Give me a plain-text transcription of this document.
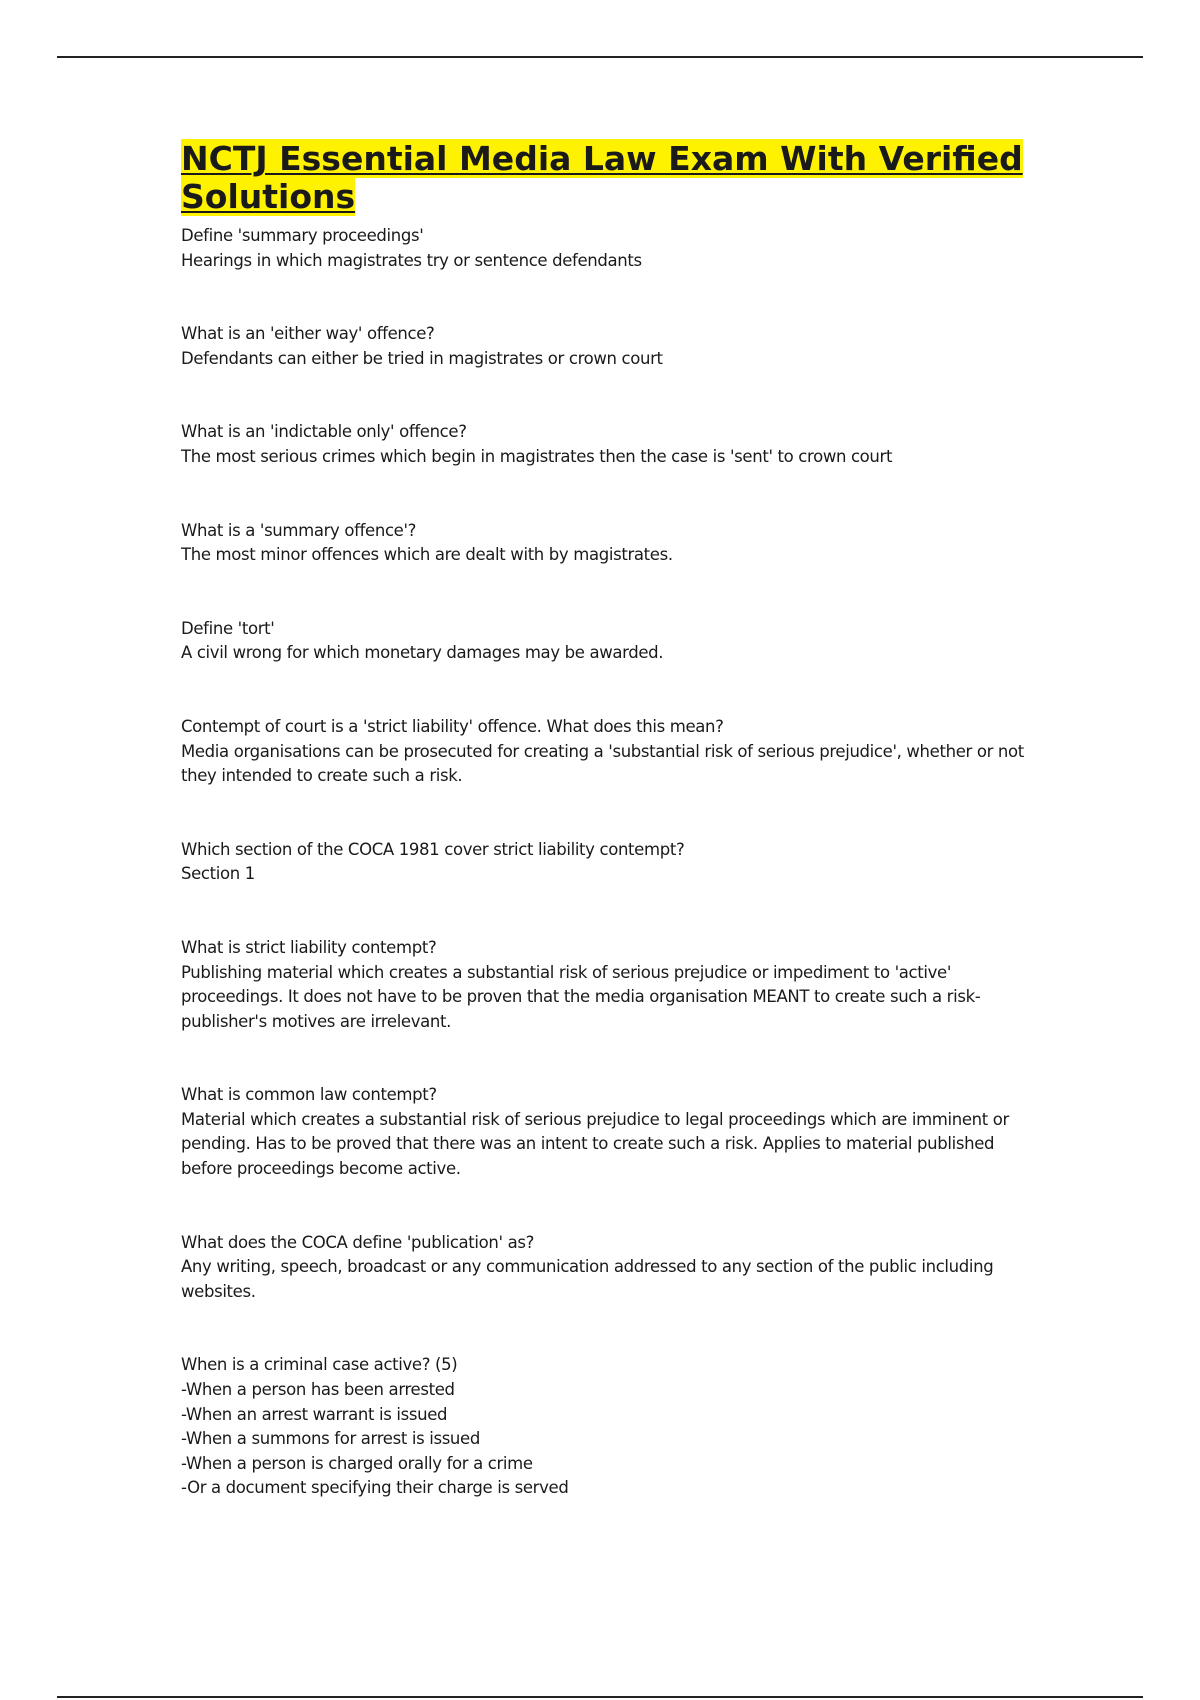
NCTJ Essential Media Law Exam With Verified Solutions
Define 'summary proceedings'
Hearings in which magistrates try or sentence defendants
What is an 'either way' offence?
Defendants can either be tried in magistrates or crown court
What is an 'indictable only' offence?
The most serious crimes which begin in magistrates then the case is 'sent' to crown court
What is a 'summary offence'?
The most minor offences which are dealt with by magistrates.
Define 'tort'
A civil wrong for which monetary damages may be awarded.
Contempt of court is a 'strict liability' offence. What does this mean?
Media organisations can be prosecuted for creating a 'substantial risk of serious prejudice', whether or not they intended to create such a risk.
Which section of the COCA 1981 cover strict liability contempt?
Section 1
What is strict liability contempt?
Publishing material which creates a substantial risk of serious prejudice or impediment to 'active' proceedings. It does not have to be proven that the media organisation MEANT to create such a risk- publisher's motives are irrelevant.
What is common law contempt?
Material which creates a substantial risk of serious prejudice to legal proceedings which are imminent or pending. Has to be proved that there was an intent to create such a risk. Applies to material published before proceedings become active.
What does the COCA define 'publication' as?
Any writing, speech, broadcast or any communication addressed to any section of the public including websites.
When is a criminal case active? (5)
-When a person has been arrested
-When an arrest warrant is issued
-When a summons for arrest is issued
-When a person is charged orally for a crime
-Or a document specifying their charge is served
